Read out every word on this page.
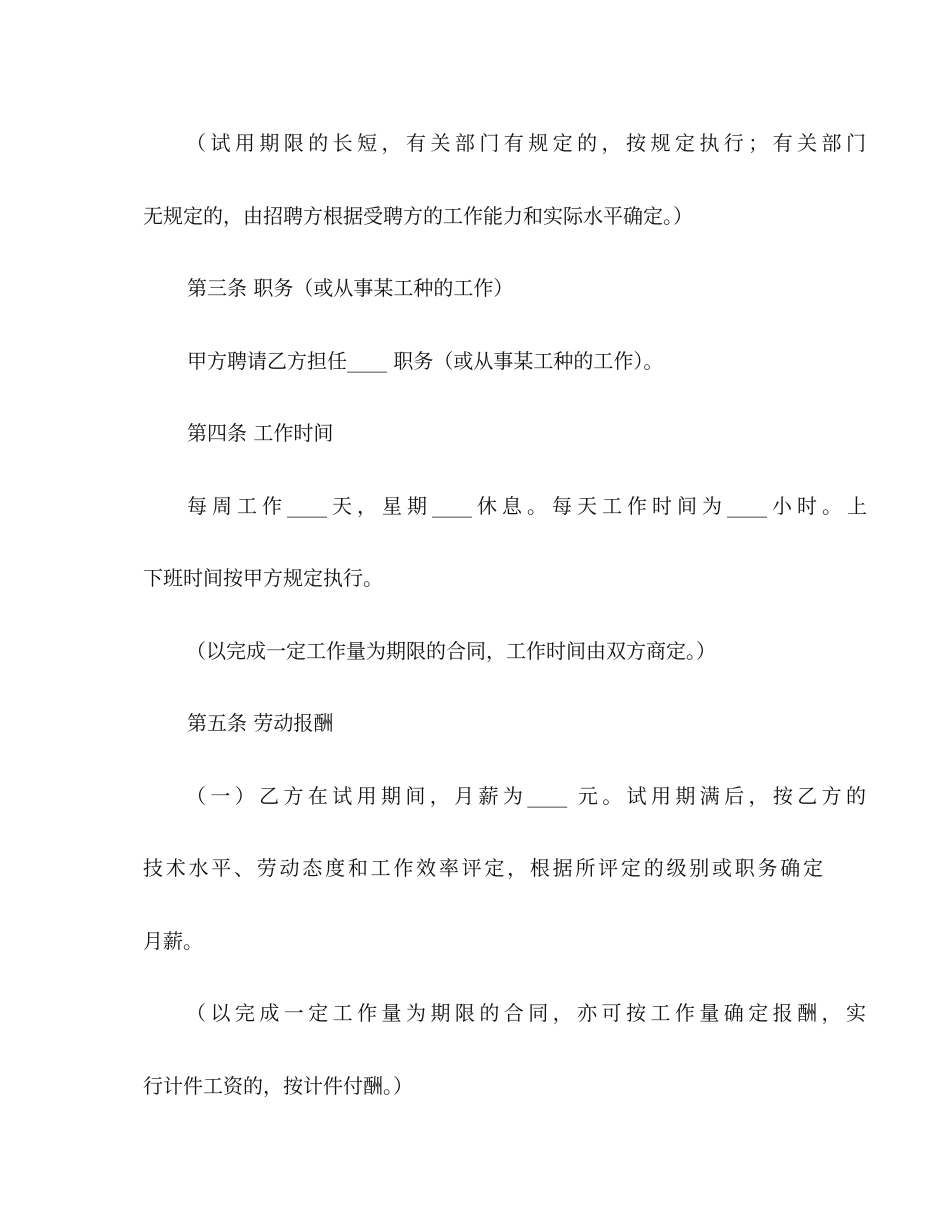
（试用期限的长短，有关部门有规定的，按规定执行；有关部门
无规定的，由招聘方根据受聘方的工作能力和实际水平确定。）
第三条 职务（或从事某工种的工作）
甲方聘请乙方担任____ 职务（或从事某工种的工作）。
第四条 工作时间
每周工作____天，星期____休息。每天工作时间为____小时。上
下班时间按甲方规定执行。
（以完成一定工作量为期限的合同，工作时间由双方商定。）
第五条 劳动报酬
（一）乙方在试用期间，月薪为____ 元。试用期满后，按乙方的
技术水平、劳动态度和工作效率评定，根据所评定的级别或职务确定
月薪。
（以完成一定工作量为期限的合同，亦可按工作量确定报酬，实
行计件工资的，按计件付酬。）
